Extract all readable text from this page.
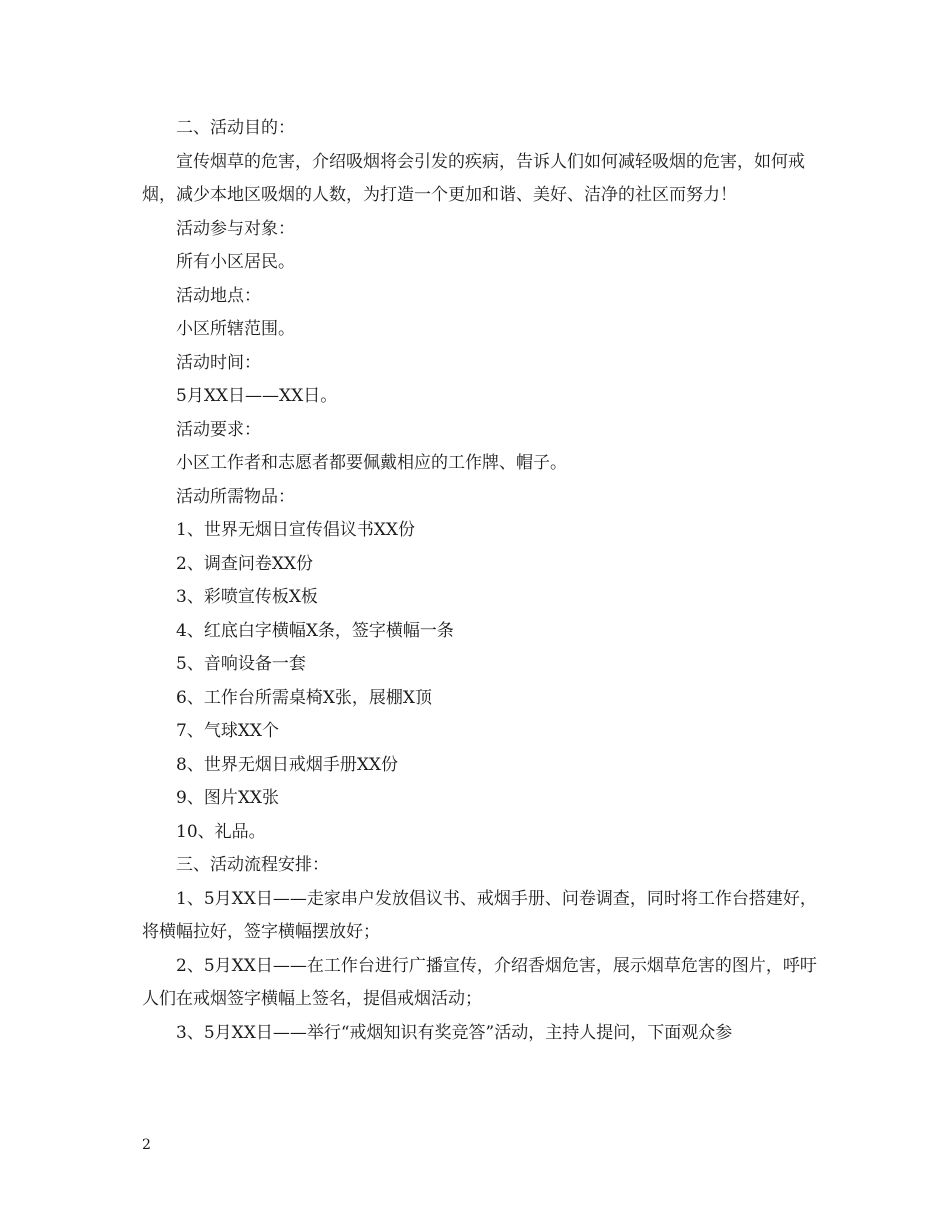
二、活动目的：

宣传烟草的危害，介绍吸烟将会引发的疾病，告诉人们如何减轻吸烟的危害，如何戒烟，减少本地区吸烟的人数，为打造一个更加和谐、美好、洁净的社区而努力！

活动参与对象：

所有小区居民。

活动地点：

小区所辖范围。

活动时间：

5月XX日——XX日。

活动要求：

小区工作者和志愿者都要佩戴相应的工作牌、帽子。

活动所需物品：

1、世界无烟日宣传倡议书XX份

2、调查问卷XX份

3、彩喷宣传板X板

4、红底白字横幅X条，签字横幅一条

5、音响设备一套

6、工作台所需桌椅X张，展棚X顶

7、气球XX个

8、世界无烟日戒烟手册XX份

9、图片XX张

10、礼品。

三、活动流程安排：

1、5月XX日——走家串户发放倡议书、戒烟手册、问卷调查，同时将工作台搭建好，将横幅拉好，签字横幅摆放好；

2、5月XX日——在工作台进行广播宣传，介绍香烟危害，展示烟草危害的图片，呼吁人们在戒烟签字横幅上签名，提倡戒烟活动；

3、5月XX日——举行“戒烟知识有奖竞答”活动，主持人提问，下面观众参

2
